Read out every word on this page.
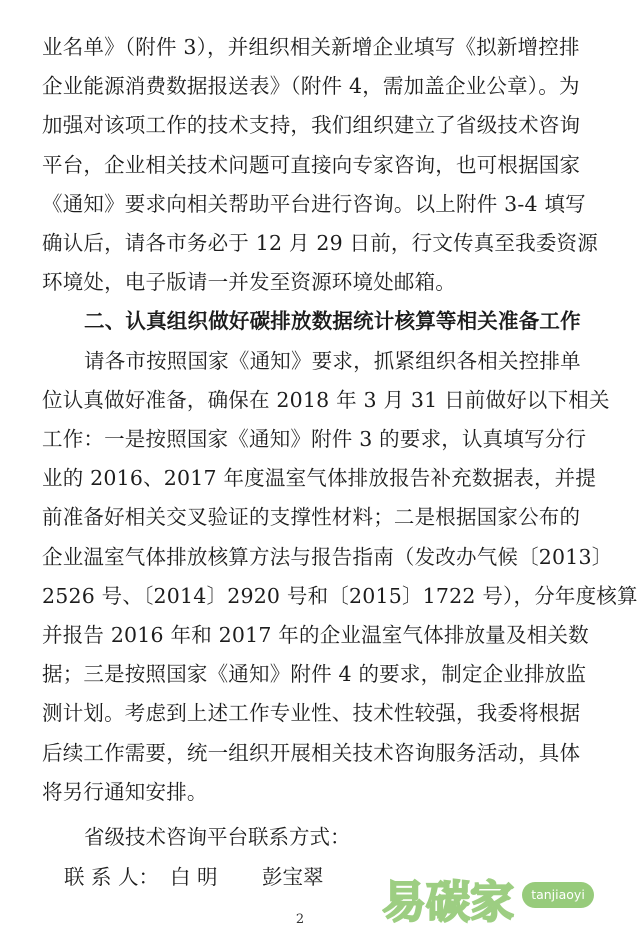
业名单》（附件 3），并组织相关新增企业填写《拟新增控排
企业能源消费数据报送表》（附件 4，需加盖企业公章）。为
加强对该项工作的技术支持，我们组织建立了省级技术咨询
平台，企业相关技术问题可直接向专家咨询，也可根据国家
《通知》要求向相关帮助平台进行咨询。以上附件 3-4 填写
确认后，请各市务必于 12 月 29 日前，行文传真至我委资源
环境处，电子版请一并发至资源环境处邮箱。
二、认真组织做好碳排放数据统计核算等相关准备工作
请各市按照国家《通知》要求，抓紧组织各相关控排单
位认真做好准备，确保在 2018 年 3 月 31 日前做好以下相关
工作：一是按照国家《通知》附件 3 的要求，认真填写分行
业的 2016、2017 年度温室气体排放报告补充数据表，并提
前准备好相关交叉验证的支撑性材料；二是根据国家公布的
企业温室气体排放核算方法与报告指南（发改办气候〔2013〕
2526 号、〔2014〕2920 号和〔2015〕1722 号），分年度核算
并报告 2016 年和 2017 年的企业温室气体排放量及相关数
据；三是按照国家《通知》附件 4 的要求，制定企业排放监
测计划。考虑到上述工作专业性、技术性较强，我委将根据
后续工作需要，统一组织开展相关技术咨询服务活动，具体
将另行通知安排。
2	易 碳 家	tanjiaoyi
省级技术咨询平台联系方式：
联 系 人： 白 明 彭宝翠
